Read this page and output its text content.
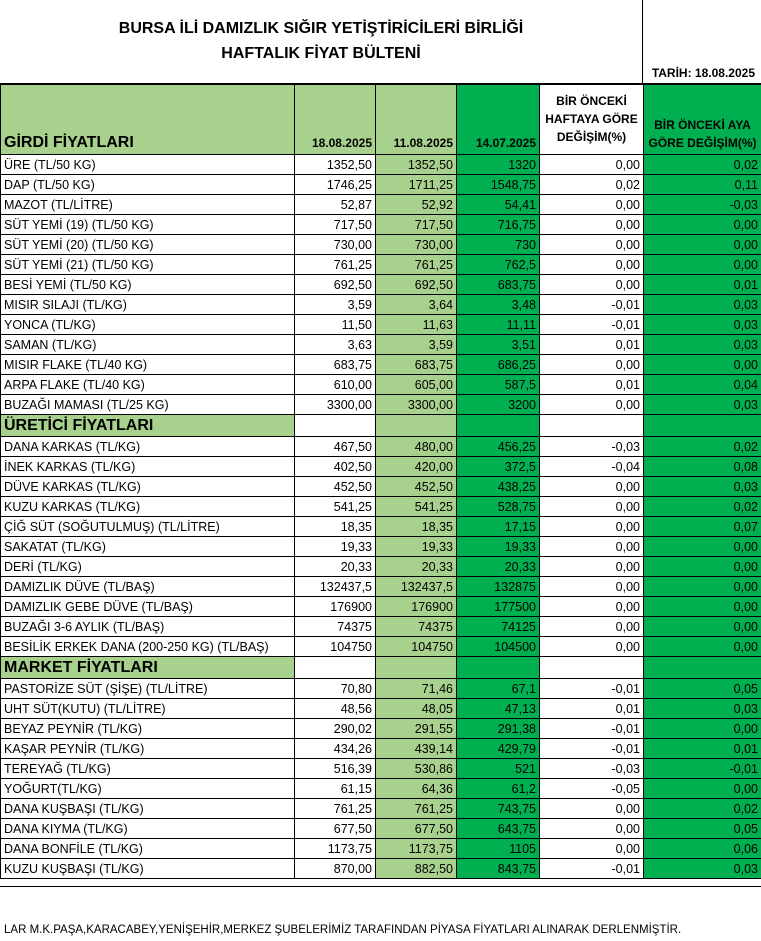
BURSA İLİ DAMIZLIK SIĞIR YETİŞTİRİCİLERİ BİRLİĞİ
HAFTALIK FİYAT BÜLTENİ
TARİH: 18.08.2025
GİRDİ FİYATLARI	18.08.2025	11.08.2025	14.07.2025	BİR ÖNCEKİ HAFTAYA GÖRE DEĞİŞİM(%)	BİR ÖNCEKİ AYA GÖRE DEĞİŞİM(%)
ÜRE (TL/50 KG)	1352,50	1352,50	1320	0,00	0,02
DAP (TL/50 KG)	1746,25	1711,25	1548,75	0,02	0,11
MAZOT (TL/LİTRE)	52,87	52,92	54,41	0,00	-0,03
SÜT YEMİ (19) (TL/50 KG)	717,50	717,50	716,75	0,00	0,00
SÜT YEMİ (20) (TL/50 KG)	730,00	730,00	730	0,00	0,00
SÜT YEMİ (21) (TL/50 KG)	761,25	761,25	762,5	0,00	0,00
BESİ YEMİ (TL/50 KG)	692,50	692,50	683,75	0,00	0,01
MISIR SILAJI (TL/KG)	3,59	3,64	3,48	-0,01	0,03
YONCA (TL/KG)	11,50	11,63	11,11	-0,01	0,03
SAMAN (TL/KG)	3,63	3,59	3,51	0,01	0,03
MISIR FLAKE (TL/40 KG)	683,75	683,75	686,25	0,00	0,00
ARPA FLAKE (TL/40 KG)	610,00	605,00	587,5	0,01	0,04
BUZAĞI MAMASI (TL/25 KG)	3300,00	3300,00	3200	0,00	0,03
ÜRETİCİ FİYATLARI					
DANA KARKAS (TL/KG)	467,50	480,00	456,25	-0,03	0,02
İNEK KARKAS (TL/KG)	402,50	420,00	372,5	-0,04	0,08
DÜVE KARKAS (TL/KG)	452,50	452,50	438,25	0,00	0,03
KUZU KARKAS (TL/KG)	541,25	541,25	528,75	0,00	0,02
ÇİĞ SÜT (SOĞUTULMUŞ) (TL/LİTRE)	18,35	18,35	17,15	0,00	0,07
SAKATAT (TL/KG)	19,33	19,33	19,33	0,00	0,00
DERİ (TL/KG)	20,33	20,33	20,33	0,00	0,00
DAMIZLIK DÜVE (TL/BAŞ)	132437,5	132437,5	132875	0,00	0,00
DAMIZLIK GEBE DÜVE (TL/BAŞ)	176900	176900	177500	0,00	0,00
BUZAĞI 3-6 AYLIK (TL/BAŞ)	74375	74375	74125	0,00	0,00
BESİLİK ERKEK DANA (200-250 KG) (TL/BAŞ)	104750	104750	104500	0,00	0,00
MARKET FİYATLARI					
PASTORİZE SÜT (ŞİŞE) (TL/LİTRE)	70,80	71,46	67,1	-0,01	0,05
UHT SÜT(KUTU) (TL/LİTRE)	48,56	48,05	47,13	0,01	0,03
BEYAZ PEYNİR (TL/KG)	290,02	291,55	291,38	-0,01	0,00
KAŞAR PEYNİR (TL/KG)	434,26	439,14	429,79	-0,01	0,01
TEREYAĞ (TL/KG)	516,39	530,86	521	-0,03	-0,01
YOĞURT(TL/KG)	61,15	64,36	61,2	-0,05	0,00
DANA KUŞBAŞI (TL/KG)	761,25	761,25	743,75	0,00	0,02
DANA KIYMA (TL/KG)	677,50	677,50	643,75	0,00	0,05
DANA BONFİLE (TL/KG)	1173,75	1173,75	1105	0,00	0,06
KUZU KUŞBAŞI (TL/KG)	870,00	882,50	843,75	-0,01	0,03
LAR M.K.PAŞA,KARACABEY,YENİŞEHİR,MERKEZ ŞUBELERİMİZ TARAFINDAN PİYASA FİYATLARI ALINARAK DERLENMİŞTİR.
